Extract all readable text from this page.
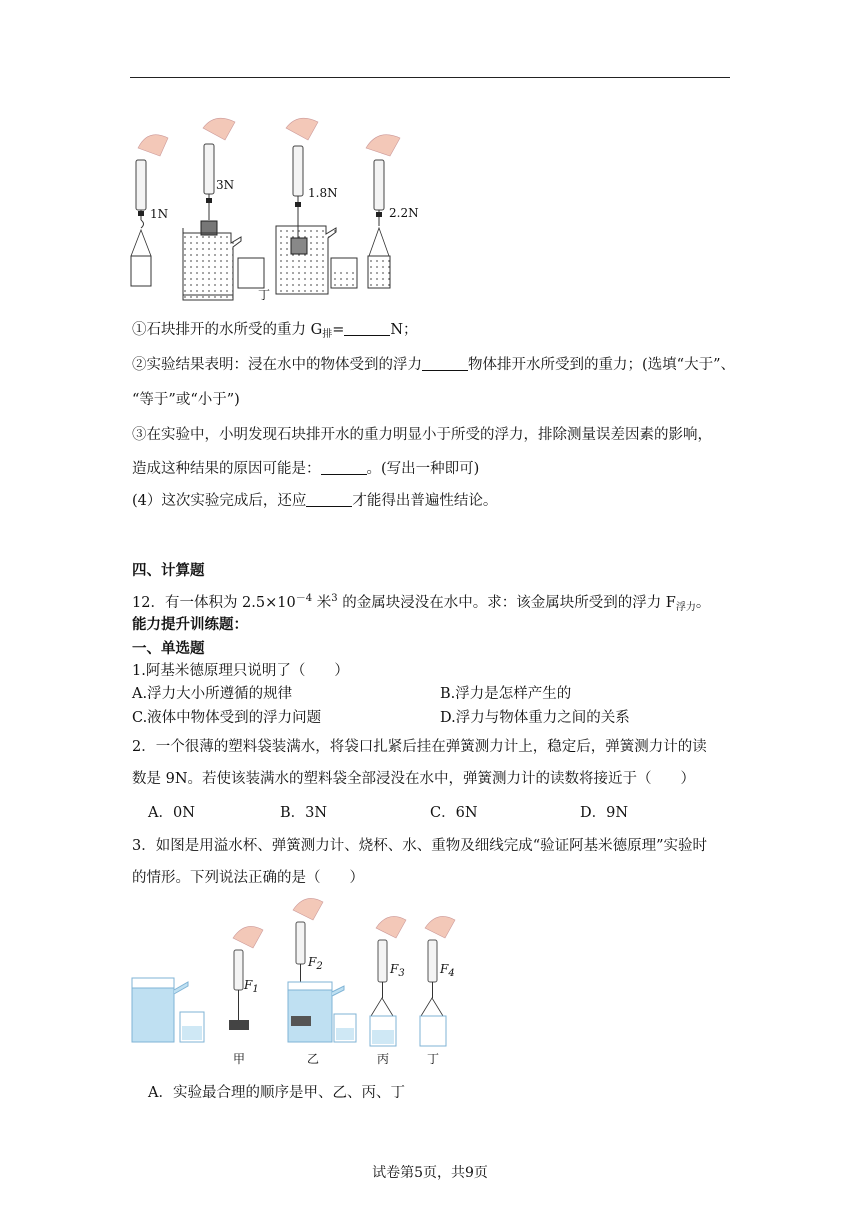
1N
3N
1.8N
2.2N
丁
①石块排开的水所受的重力 $G_排=$	N；
②实验结果表明：浸在水中的物体受到的浮力	物体排开水所受到的重力；(选填“大于”、
“等于”或“小于”)
③在实验中，小明发现石块排开水的重力明显小于所受的浮力，排除测量误差因素的影响，
造成这种结果的原因可能是：	。(写出一种即可)
(4）这次实验完成后，还应	才能得出普遍性结论。
四、计算题
12．有一体积为 $2.5\times 10^{-4}$ 米$^3$ 的金属块浸没在水中。求：该金属块所受到的浮力 $F_{浮力}$。
能力提升训练题：
一、单选题
1.阿基米德原理只说明了（　　）
A.浮力大小所遵循的规律	B.浮力是怎样产生的
C.液体中物体受到的浮力问题	D.浮力与物体重力之间的关系
2．一个很薄的塑料袋装满水，将袋口扎紧后挂在弹簧测力计上，稳定后，弹簧测力计的读
数是 9N。若使该装满水的塑料袋全部浸没在水中，弹簧测力计的读数将接近于（　　）
A．0N	B．3N	C．6N	D．9N
3．如图是用溢水杯、弹簧测力计、烧杯、水、重物及细线完成“验证阿基米德原理”实验时
的情形。下列说法正确的是（　　）
$F_1$
$F_2$	$F_3$	$F_4$
甲	乙	丙	丁
A．实验最合理的顺序是甲、乙、丙、丁
试卷第5页，共9页
